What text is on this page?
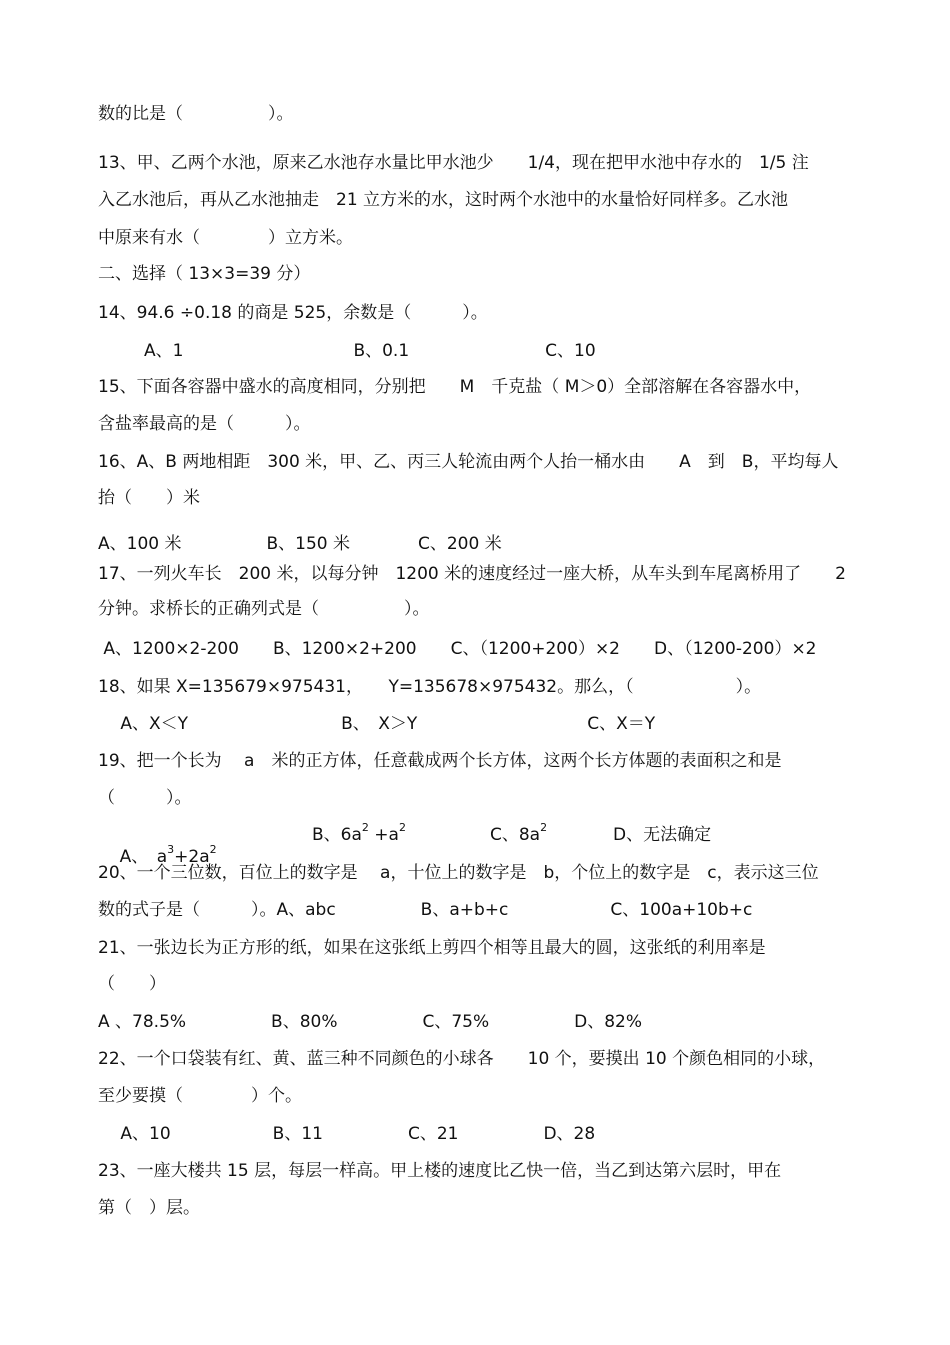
数的比是（　　　　　）。
13、甲、乙两个水池，原来乙水池存水量比甲水池少　　1/4，现在把甲水池中存水的　1/5 注
入乙水池后，再从乙水池抽走　21 立方米的水，这时两个水池中的水量恰好同样多。乙水池
中原来有水（　　　　）立方米。
二、选择（ 13×3=39 分）
14、94.6 ÷0.18 的商是 525，余数是（　　　）。
　　A、1　　　　　　　　　　B、0.1　　　　　　　　C、10
15、下面各容器中盛水的高度相同，分别把　　M　千克盐（ M＞0）全部溶解在各容器水中，
含盐率最高的是（　　　）。
16、A、B 两地相距　300 米，甲、乙、丙三人轮流由两个人抬一桶水由　　A　到　B，平均每人
抬（　　）米
A、100 米　　　　　B、150 米　　　　C、200 米
17、一列火车长　200 米，以每分钟　1200 米的速度经过一座大桥，从车头到车尾离桥用了　　2
分钟。求桥长的正确列式是（　　　　　）。
A、1200×2-200　　B、1200×2+200　　C、（1200+200）×2　　D、（1200-200）×2
18、如果 X=135679×975431，　　Y=135678×975432。那么，（　　　　　　）。
　 A、X＜Y　　　　　　　　　B、　X＞Y　　　　　　　　　　C、X＝Y
19、把一个长为　 a　米的正方体，任意截成两个长方体，这两个长方体题的表面积之和是
（　　　）。

A、　$a^3+2a^2$

B、$6a^2 +a^2$	C、$8a^2$	D、无法确定
20、一个三位数，百位上的数字是　 a，十位上的数字是　b，个位上的数字是　c，表示这三位
数的式子是（　　　）。A、abc　　　　　B、a+b+c　　　　　　C、100a+10b+c
21、一张边长为正方形的纸，如果在这张纸上剪四个相等且最大的圆，这张纸的利用率是
（　　）
A 、78.5%　　　　　B、80%　　　　　C、75%　　　　　D、82%
22、一个口袋装有红、黄、蓝三种不同颜色的小球各　　10 个，要摸出 10 个颜色相同的小球，
至少要摸（　　　　）个。
　 A、10　　　　　　B、11　　　　　C、21　　　　　D、28
23、一座大楼共 15 层，每层一样高。甲上楼的速度比乙快一倍，当乙到达第六层时，甲在
第（　）层。
